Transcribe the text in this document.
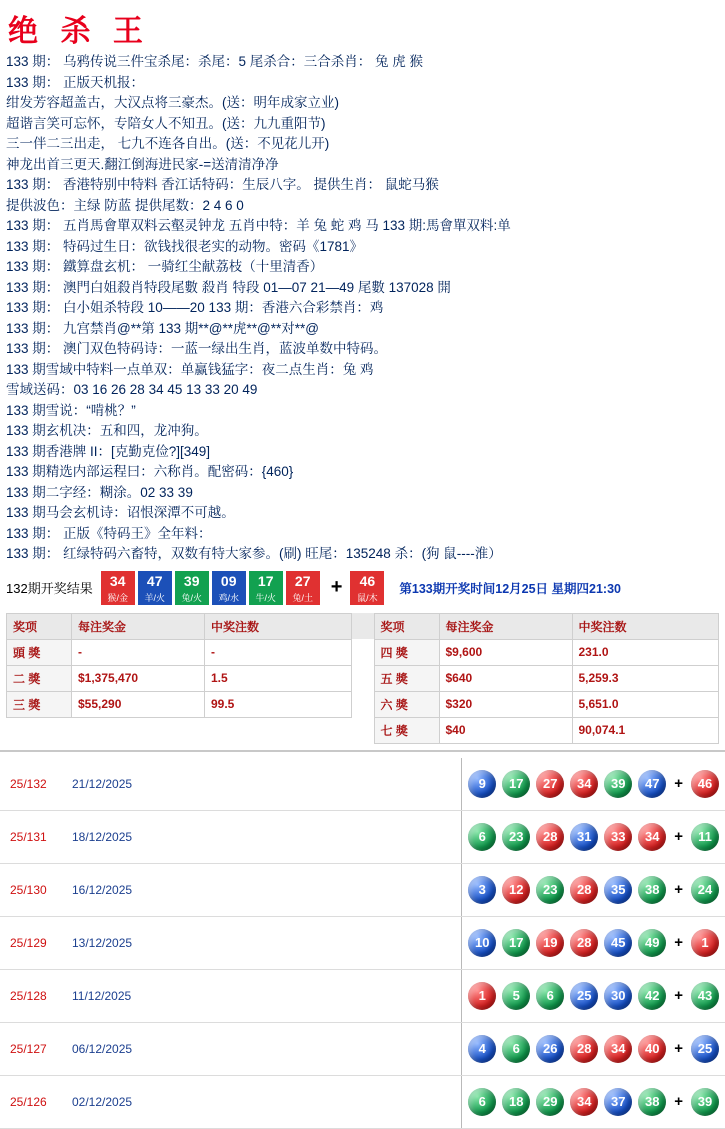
绝 杀 王
133 期： 乌鸦传说三件宝杀尾：杀尾：5 尾杀合：三合杀肖： 兔 虎 猴
133 期： 正版天机报：
绀发芳容超盖古，大汉点将三豪杰。(送：明年成家立业)
超谐言笑可忘怀，专陪女人不知丑。(送：九九重阳节)
三一伴二三出走， 七九不连各自出。(送：不见花儿开)
神龙出首三更天.翻江倒海进民家-=送清清净净
133 期： 香港特别中特料 香江话特码：生辰八字。 提供生肖： 鼠蛇马猴
提供波色：主绿 防蓝 提供尾数：2 4 6 0
133 期： 五肖馬會單双料云壑灵钟龙 五肖中特：羊 兔 蛇 鸡 马 133 期:馬會單双料:单
133 期： 特码过生日：欲钱找很老实的动物。密码《1781》
133 期： 鐵算盘玄机： 一骑红尘献荔枝（十里清香）
133 期： 澳門白姐殺肖特段尾數 殺肖 特段 01—07 21—49 尾數 137028 開
133 期： 白小姐杀特段 10——20 133 期：香港六合彩禁肖：鸡
133 期： 九宫禁肖@**第 133 期**@**虎**@**对**@
133 期： 澳门双色特码诗：一蓝一绿出生肖，蓝波单数中特码。
133 期雪域中特料一点单双：单赢钱猛字：夜二点生肖：兔 鸡
雪域送码：03 16 26 28 34 45 13 33 20 49
133 期雪说：“啃桃？”
133 期玄机决：五和四，龙冲狗。
133 期香港牌 II：[克勤克俭?][349]
133 期精选内部运程曰：六称肖。配密码：{460}
133 期二字经：糊涂。02 33 39
133 期马会玄机诗：诏恨深潭不可越。
133 期： 正版《特码王》全年料：
133 期： 红绿特码六畜特，双数有特大家参。(刷) 旺尾：135248 杀：(狗 鼠----淮）
132期开奖结果	34
猴/金
47
羊/火
39
兔/火
09
鸡/水
17
牛/火
27
兔/土 +	46
鼠/木
第133期开奖时间12月25日 星期四21:30
奖项	每注奖金	中奖注数		奖项	每注奖金	中奖注数
頭 獎	-	-		四 獎	$9,600	231.0
二 獎	$1,375,470	1.5		五 獎	$640	5,259.3
三 獎	$55,290	99.5		六 獎	$320	5,651.0
				七 獎	$40	90,074.1
25/132	21/12/2025	9	17	27	34	39	47 +	46
25/131	18/12/2025	6	23	28	31	33	34 +	11
25/130	16/12/2025	3	12	23	28	35	38 +	24
25/129	13/12/2025	10	17	19	28	45	49 +	1
25/128	11/12/2025	1	5	6	25	30	42 +	43
25/127	06/12/2025	4	6	26	28	34	40 +	25
25/126	02/12/2025	6	18	29	34	37	38 +	39
